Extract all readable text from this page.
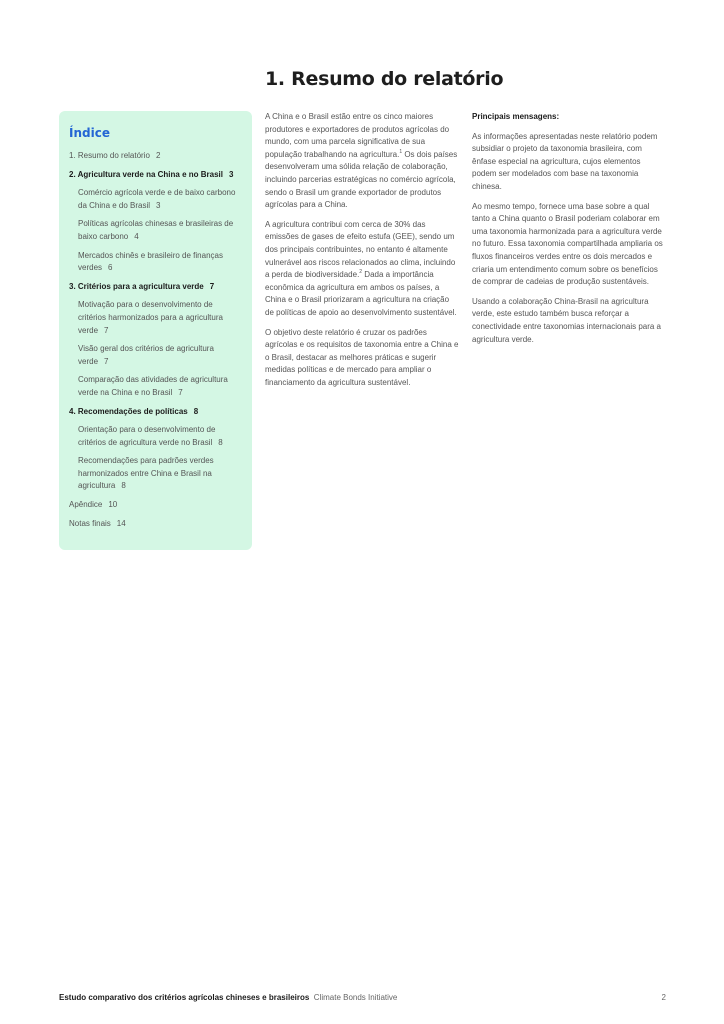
1. Resumo do relatório
Índice
1. Resumo do relatório 2
2. Agricultura verde na China e no Brasil 3
Comércio agrícola verde e de baixo carbono da China e do Brasil 3
Políticas agrícolas chinesas e brasileiras de baixo carbono 4
Mercados chinês e brasileiro de finanças verdes 6
3. Critérios para a agricultura verde 7
Motivação para o desenvolvimento de critérios harmonizados para a agricultura verde 7
Visão geral dos critérios de agricultura verde 7
Comparação das atividades de agricultura verde na China e no Brasil 7
4. Recomendações de políticas 8
Orientação para o desenvolvimento de critérios de agricultura verde no Brasil 8
Recomendações para padrões verdes harmonizados entre China e Brasil na agricultura 8
Apêndice 10
Notas finais 14

A China e o Brasil estão entre os cinco maiores produtores e exportadores de produtos agrícolas do mundo, com uma parcela significativa de sua população trabalhando na agricultura.$^1$ Os dois países desenvolveram uma sólida relação de colaboração, incluindo parcerias estratégicas no comércio agrícola, sendo o Brasil um grande exportador de produtos agrícolas para a China.

A agricultura contribui com cerca de 30% das emissões de gases de efeito estufa (GEE), sendo um dos principais contribuintes, no entanto é altamente vulnerável aos riscos relacionados ao clima, incluindo a perda de biodiversidade.$^2$ Dada a importância econômica da agricultura em ambos os países, a China e o Brasil priorizaram a agricultura na criação de políticas de apoio ao desenvolvimento sustentável.

O objetivo deste relatório é cruzar os padrões agrícolas e os requisitos de taxonomia entre a China e o Brasil, destacar as melhores práticas e sugerir medidas políticas e de mercado para ampliar o financiamento da agricultura sustentável.

Principais mensagens:

As informações apresentadas neste relatório podem subsidiar o projeto da taxonomia brasileira, com ênfase especial na agricultura, cujos elementos podem ser modelados com base na taxonomia chinesa.

Ao mesmo tempo, fornece uma base sobre a qual tanto a China quanto o Brasil poderiam colaborar em uma taxonomia harmonizada para a agricultura verde no futuro. Essa taxonomia compartilhada ampliaria os fluxos financeiros verdes entre os dois mercados e criaria um entendimento comum sobre os benefícios de comprar de cadeias de produção sustentáveis.

Usando a colaboração China-Brasil na agricultura verde, este estudo também busca reforçar a conectividade entre taxonomias internacionais para a agricultura verde.

Estudo comparativo dos critérios agrícolas chineses e brasileiros Climate Bonds Initiative	2
